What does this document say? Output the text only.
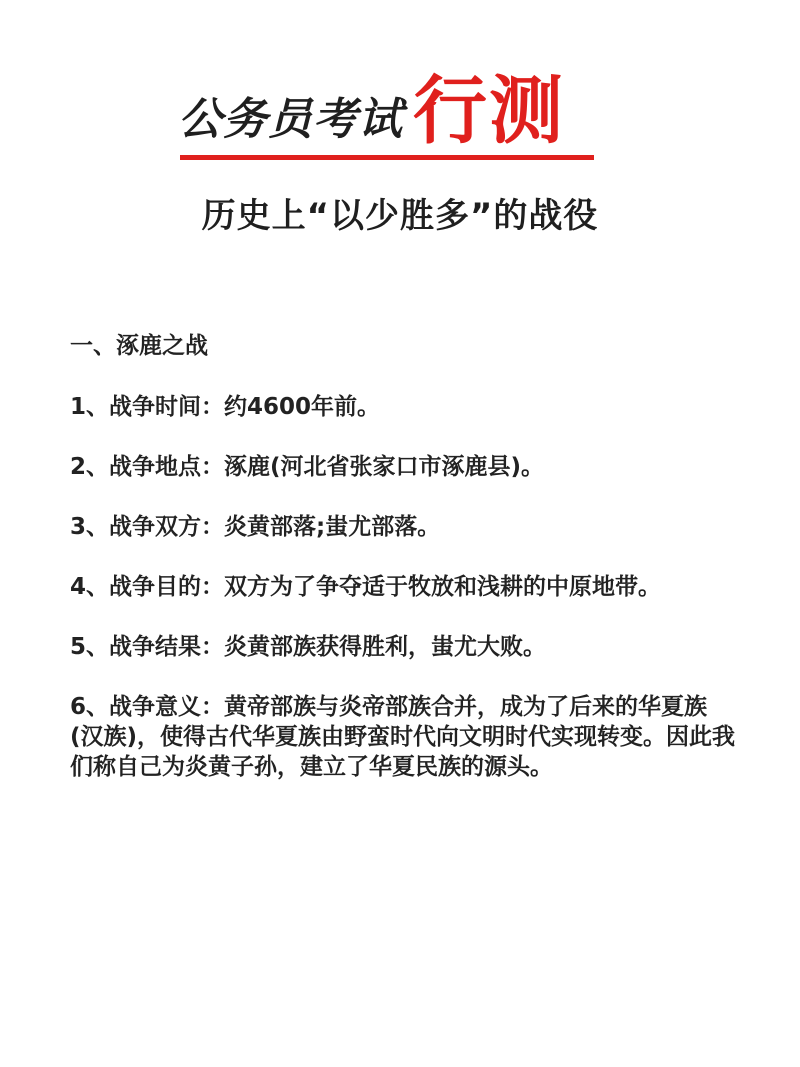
公务员考试 行测
历史上“以少胜多”的战役
一、涿鹿之战
1、战争时间：约4600年前。
2、战争地点：涿鹿(河北省张家口市涿鹿县)。
3、战争双方：炎黄部落;蚩尤部落。
4、战争目的：双方为了争夺适于牧放和浅耕的中原地带。
5、战争结果：炎黄部族获得胜利，蚩尤大败。
6、战争意义：黄帝部族与炎帝部族合并，成为了后来的华夏族(汉族)，使得古代华夏族由野蛮时代向文明时代实现转变。因此我们称自己为炎黄子孙，建立了华夏民族的源头。
